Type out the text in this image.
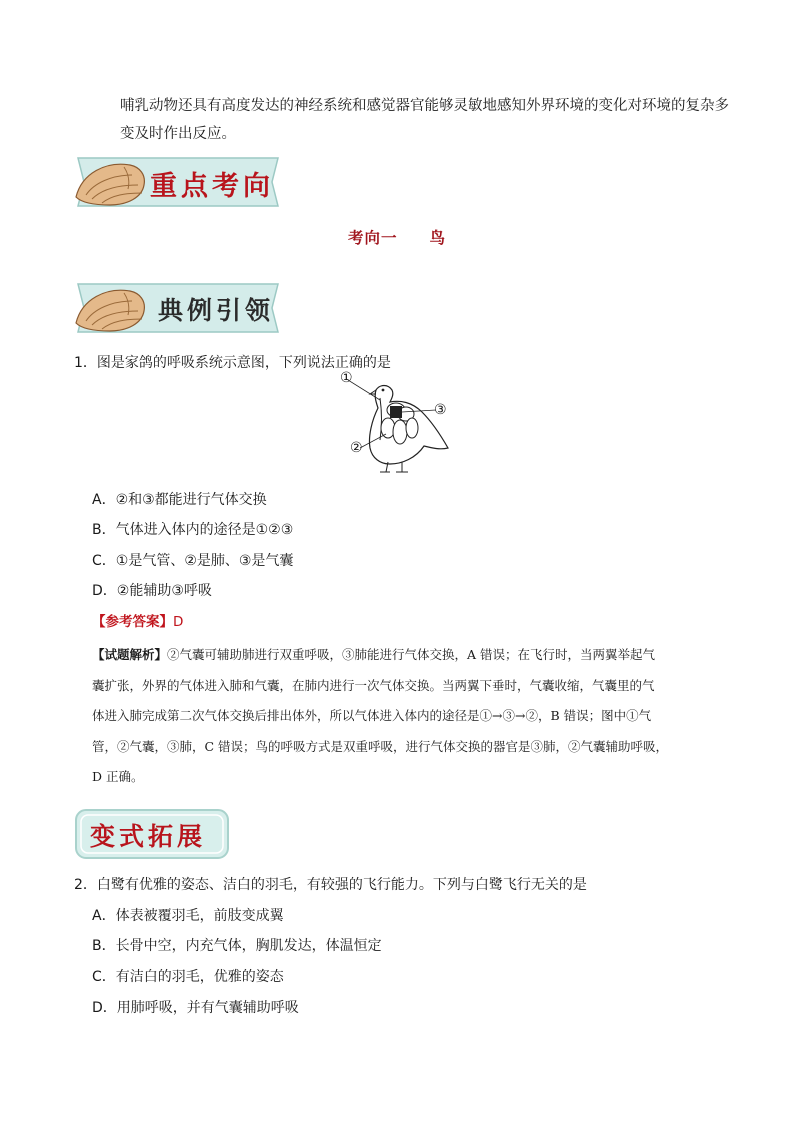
哺乳动物还具有高度发达的神经系统和感觉器官能够灵敏地感知外界环境的变化对环境的复杂多
变及时作出反应。
重点考向
考向一 鸟
典例引领
1．图是家鸽的呼吸系统示意图，下列说法正确的是
①
②
③
A．②和③都能进行气体交换
B．气体进入体内的途径是①②③
C．①是气管、②是肺、③是气囊
D．②能辅助③呼吸
【参考答案】D
【试题解析】②气囊可辅助肺进行双重呼吸，③肺能进行气体交换，A 错误；在飞行时，当两翼举起气
囊扩张，外界的气体进入肺和气囊，在肺内进行一次气体交换。当两翼下垂时，气囊收缩，气囊里的气
体进入肺完成第二次气体交换后排出体外，所以气体进入体内的途径是①→③→②，B 错误；图中①气
管，②气囊，③肺，C 错误；鸟的呼吸方式是双重呼吸，进行气体交换的器官是③肺，②气囊辅助呼吸，
D 正确。
变式拓展
2．白鹭有优雅的姿态、洁白的羽毛，有较强的飞行能力。下列与白鹭飞行无关的是
A．体表被覆羽毛，前肢变成翼
B．长骨中空，内充气体，胸肌发达，体温恒定
C．有洁白的羽毛，优雅的姿态
D．用肺呼吸，并有气囊辅助呼吸
